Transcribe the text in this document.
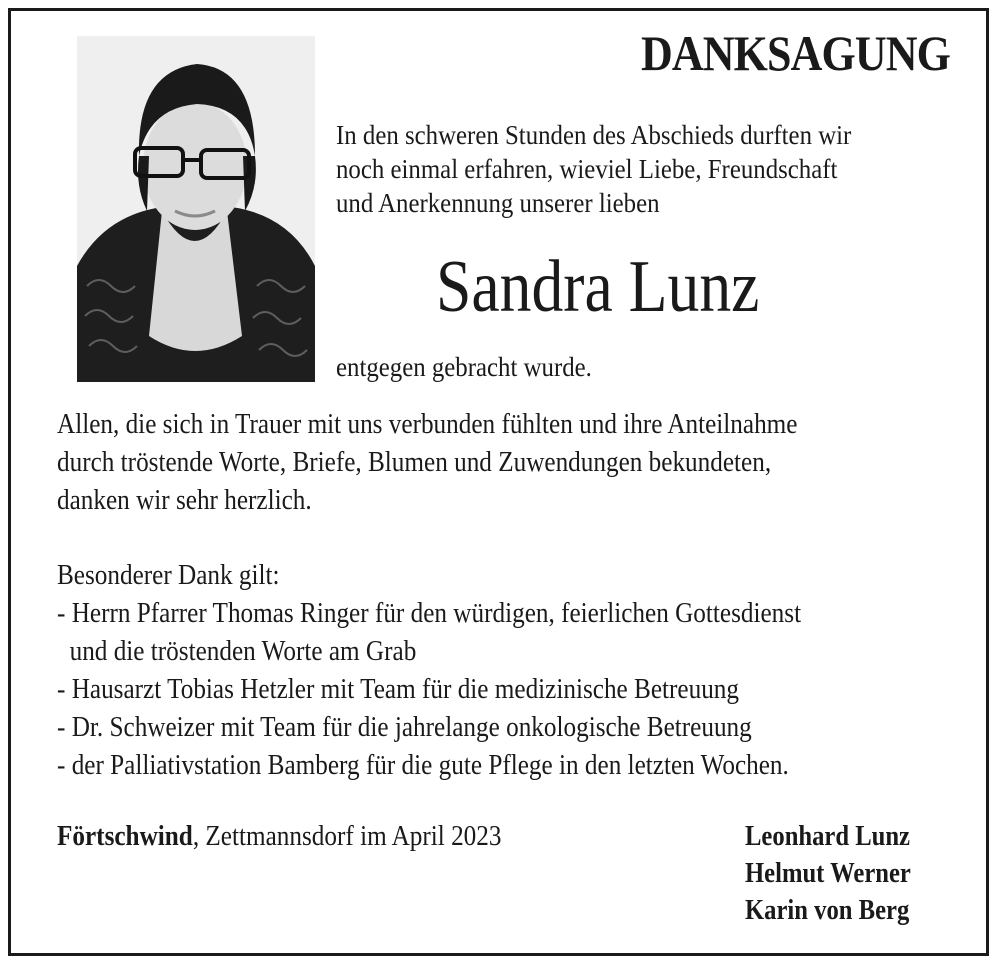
DANKSAGUNG
In den schweren Stunden des Abschieds durften wir
noch einmal erfahren, wieviel Liebe, Freundschaft
und Anerkennung unserer lieben
Sandra Lunz
entgegen gebracht wurde.
Allen, die sich in Trauer mit uns verbunden fühlten und ihre Anteilnahme
durch tröstende Worte, Briefe, Blumen und Zuwendungen bekundeten,
danken wir sehr herzlich.
Besonderer Dank gilt:
- Herrn Pfarrer Thomas Ringer für den würdigen, feierlichen Gottesdienst
und die tröstenden Worte am Grab
- Hausarzt Tobias Hetzler mit Team für die medizinische Betreuung
- Dr. Schweizer mit Team für die jahrelange onkologische Betreuung
- der Palliativstation Bamberg für die gute Pflege in den letzten Wochen.
Förtschwind, Zettmannsdorf im April 2023	Leonhard Lunz
Helmut Werner
Karin von Berg
